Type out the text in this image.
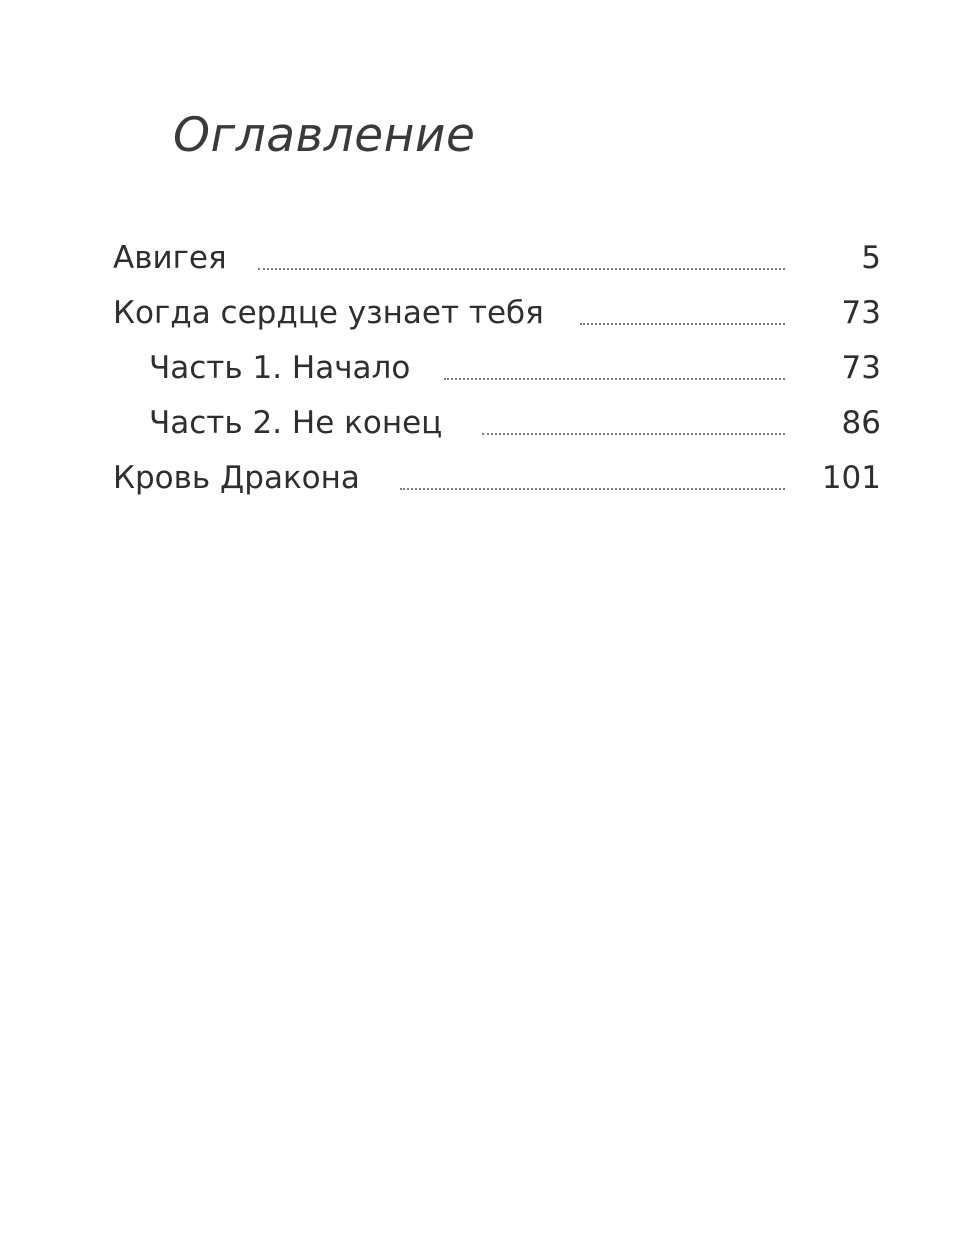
Оглавление
Авигея	5
Когда сердце узнает тебя	73
Часть 1. Начало	73
Часть 2. Не конец	86
Кровь Дракона	101
